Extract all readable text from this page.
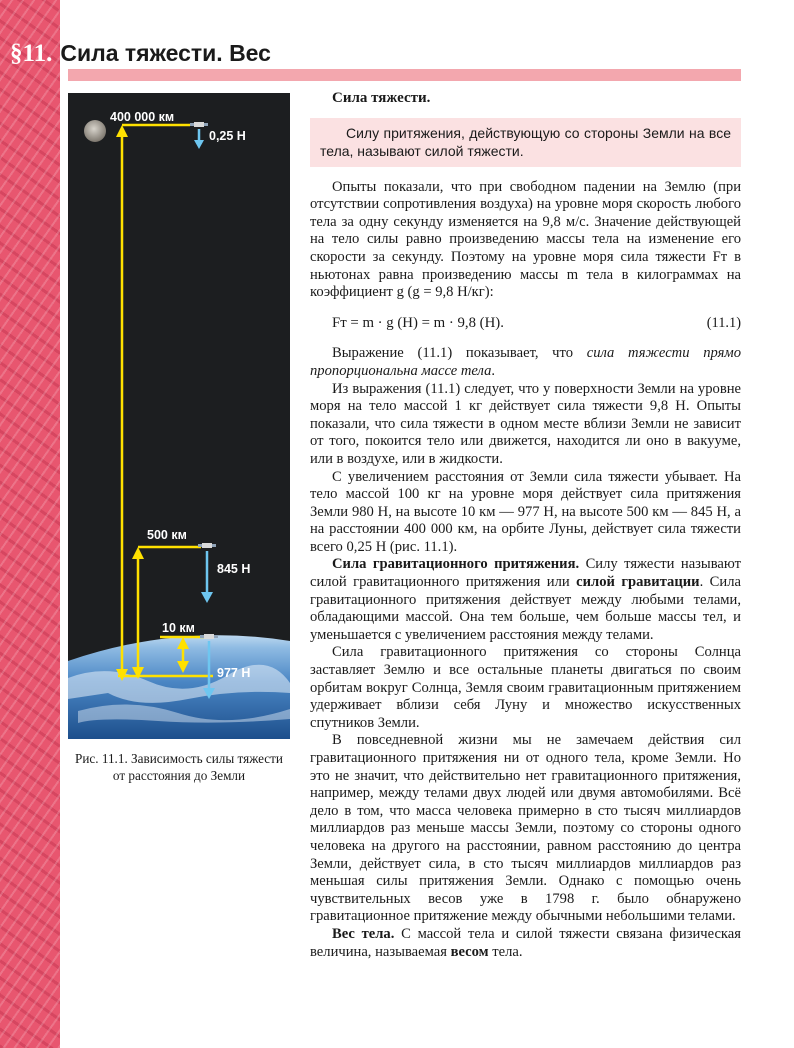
§11. Сила тяжести. Вес
400 000 км
0,25 Н
500 км
845 Н
10 км
977 Н
Рис. 11.1. Зависимость силы тяжести от расстояния до Земли
Сила тяжести.
Силу притяжения, действующую со стороны Земли на все тела, называют силой тяжести.

Опыты показали, что при свободном падении на Землю (при отсутствии сопротивления воздуха) на уровне моря скорость любого тела за одну секунду изменяется на 9,8 м/с. Значение действующей на тело силы равно произведению массы тела на изменение его скорости за секунду. Поэтому на уровне моря сила тяжести Fт в ньютонах равна произведению массы m тела в килограммах на коэффициент g (g = 9,8 Н/кг):

Fт = m · g (Н) = m · 9,8 (Н).	(11.1)

Выражение (11.1) показывает, что сила тяжести прямо пропорциональна массе тела.

Из выражения (11.1) следует, что у поверхности Земли на уровне моря на тело массой 1 кг действует сила тяжести 9,8 Н. Опыты показали, что сила тяжести в одном месте вблизи Земли не зависит от того, покоится тело или движется, находится ли оно в вакууме, или в воздухе, или в жидкости.

С увеличением расстояния от Земли сила тяжести убывает. На тело массой 100 кг на уровне моря действует сила притяжения Земли 980 Н, на высоте 10 км — 977 Н, на высоте 500 км — 845 Н, а на расстоянии 400 000 км, на орбите Луны, действует сила тяжести всего 0,25 Н (рис. 11.1).

Сила гравитационного притяжения. Силу тяжести называют силой гравитационного притяжения или силой гравитации. Сила гравитационного притяжения действует между любыми телами, обладающими массой. Она тем больше, чем больше массы тел, и уменьшается с увеличением расстояния между телами.

Сила гравитационного притяжения со стороны Солнца заставляет Землю и все остальные планеты двигаться по своим орбитам вокруг Солнца, Земля своим гравитационным притяжением удерживает вблизи себя Луну и множество искусственных спутников Земли.

В повседневной жизни мы не замечаем действия сил гравитационного притяжения ни от одного тела, кроме Земли. Но это не значит, что действительно нет гравитационного притяжения, например, между телами двух людей или двумя автомобилями. Всё дело в том, что масса человека примерно в сто тысяч миллиардов миллиардов раз меньше массы Земли, поэтому со стороны одного человека на другого на расстоянии, равном расстоянию до центра Земли, действует сила, в сто тысяч миллиардов миллиардов раз меньшая силы притяжения Земли. Однако с помощью очень чувствительных весов уже в 1798 г. было обнаружено гравитационное притяжение между обычными небольшими телами.

Вес тела. С массой тела и силой тяжести связана физическая величина, называемая весом тела.
